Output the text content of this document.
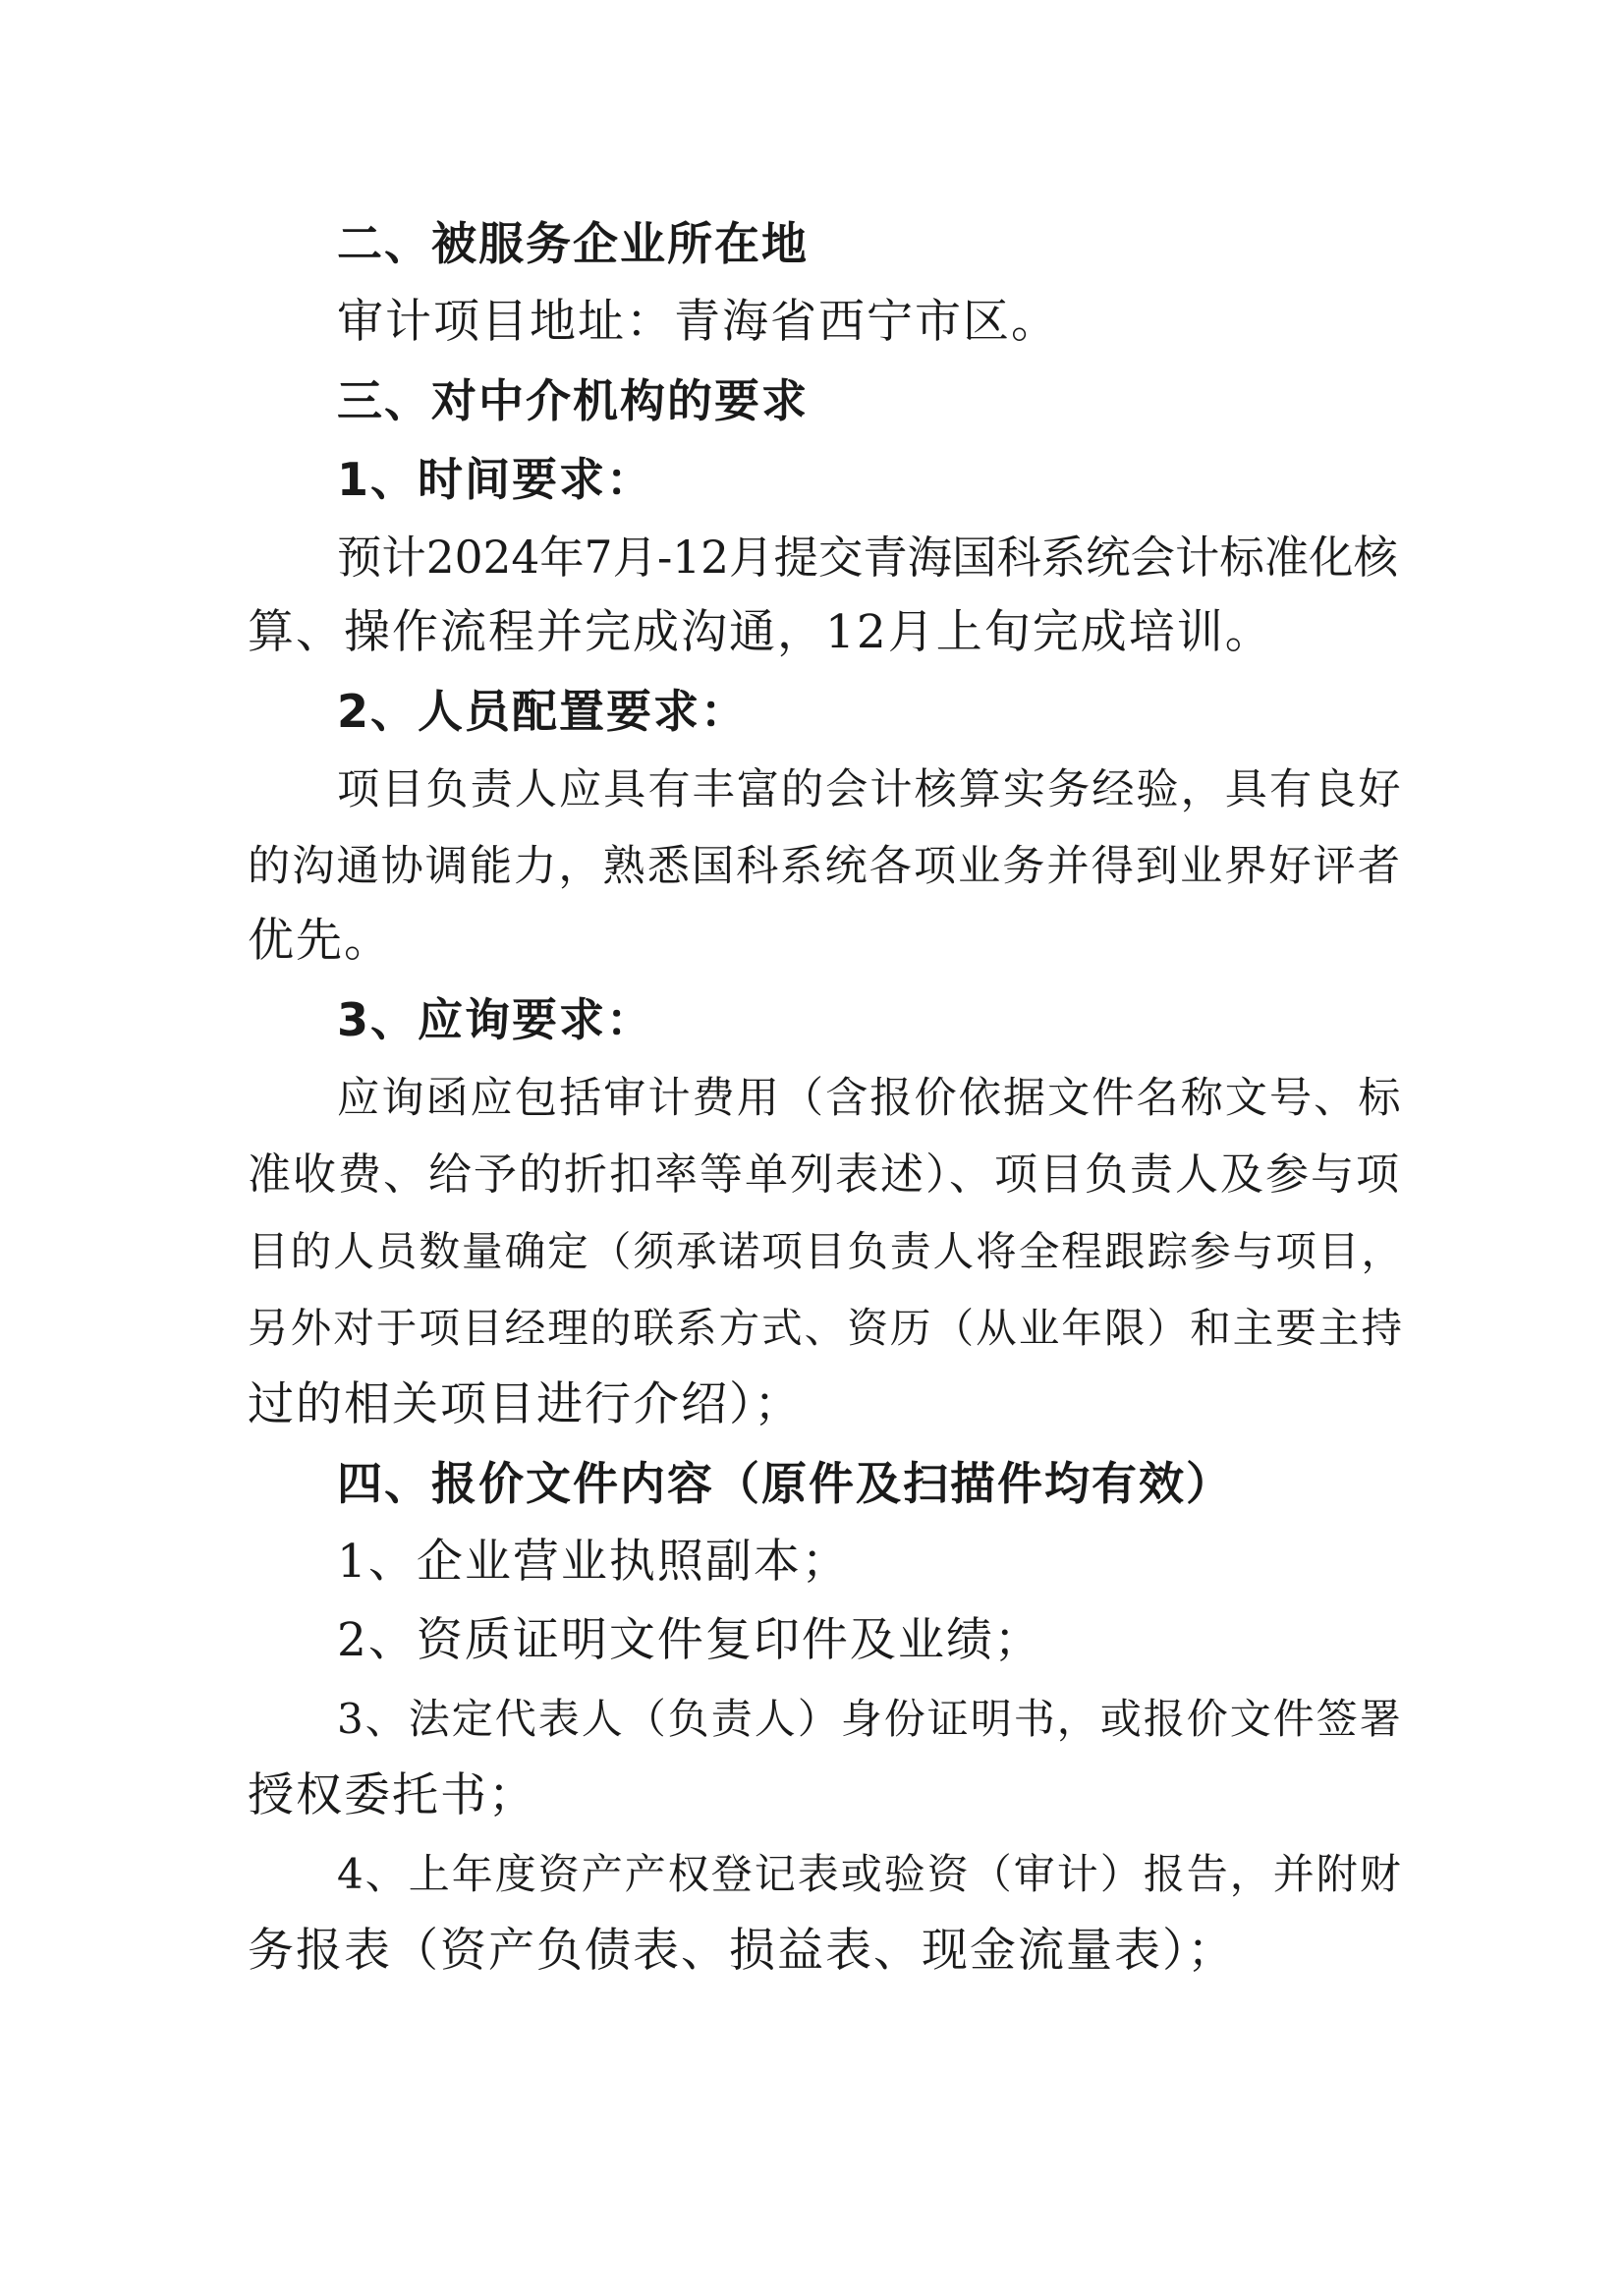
二、被服务企业所在地
审计项目地址：青海省西宁市区。
三、对中介机构的要求
1、时间要求：
预计2024年7月-12月提交青海国科系统会计标准化核
算、操作流程并完成沟通，12月上旬完成培训。
2、人员配置要求：
项目负责人应具有丰富的会计核算实务经验，具有良好
的沟通协调能力，熟悉国科系统各项业务并得到业界好评者
优先。
3、应询要求：
应询函应包括审计费用（含报价依据文件名称文号、标
准收费、给予的折扣率等单列表述）、项目负责人及参与项
目的人员数量确定（须承诺项目负责人将全程跟踪参与项目，
另外对于项目经理的联系方式、资历（从业年限）和主要主持
过的相关项目进行介绍）；
四、报价文件内容（原件及扫描件均有效）
1、企业营业执照副本；
2、资质证明文件复印件及业绩；
3、法定代表人（负责人）身份证明书，或报价文件签署
授权委托书；
4、上年度资产产权登记表或验资（审计）报告，并附财
务报表（资产负债表、损益表、现金流量表）；
